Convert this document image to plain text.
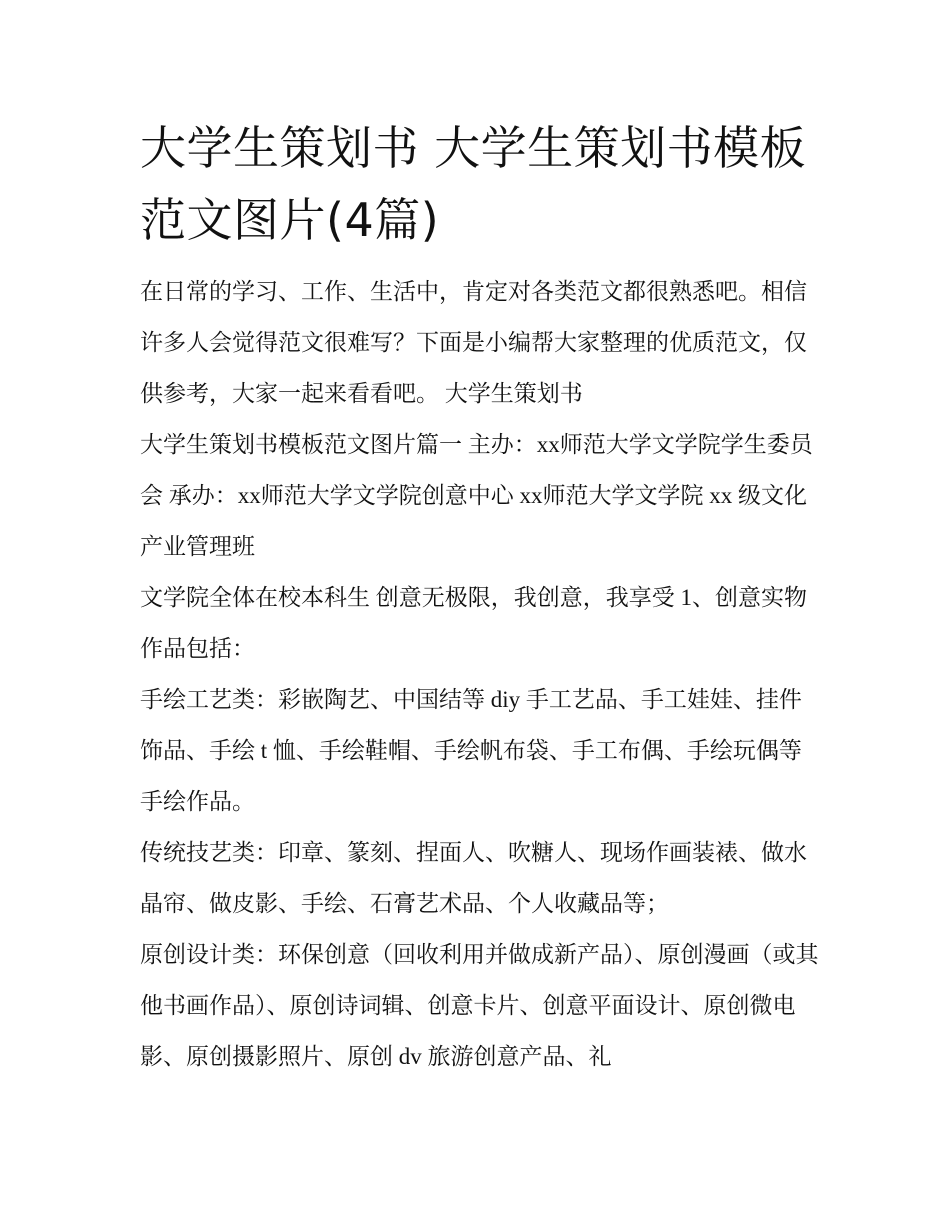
大学生策划书 大学生策划书模板范文图片(4篇)

在日常的学习、工作、生活中，肯定对各类范文都很熟悉吧。相信许多人会觉得范文很难写？下面是小编帮大家整理的优质范文，仅供参考，大家一起来看看吧。 大学生策划书

大学生策划书模板范文图片篇一 主办：xx师范大学文学院学生委员会 承办：xx师范大学文学院创意中心 xx师范大学文学院 xx 级文化产业管理班

文学院全体在校本科生 创意无极限，我创意，我享受 1、创意实物作品包括：

手绘工艺类：彩嵌陶艺、中国结等 diy 手工艺品、手工娃娃、挂件饰品、手绘 t 恤、手绘鞋帽、手绘帆布袋、手工布偶、手绘玩偶等手绘作品。

传统技艺类：印章、篆刻、捏面人、吹糖人、现场作画装裱、做水晶帘、做皮影、手绘、石膏艺术品、个人收藏品等；

原创设计类：环保创意（回收利用并做成新产品）、原创漫画（或其他书画作品）、原创诗词辑、创意卡片、创意平面设计、原创微电影、原创摄影照片、原创 dv 旅游创意产品、礼
